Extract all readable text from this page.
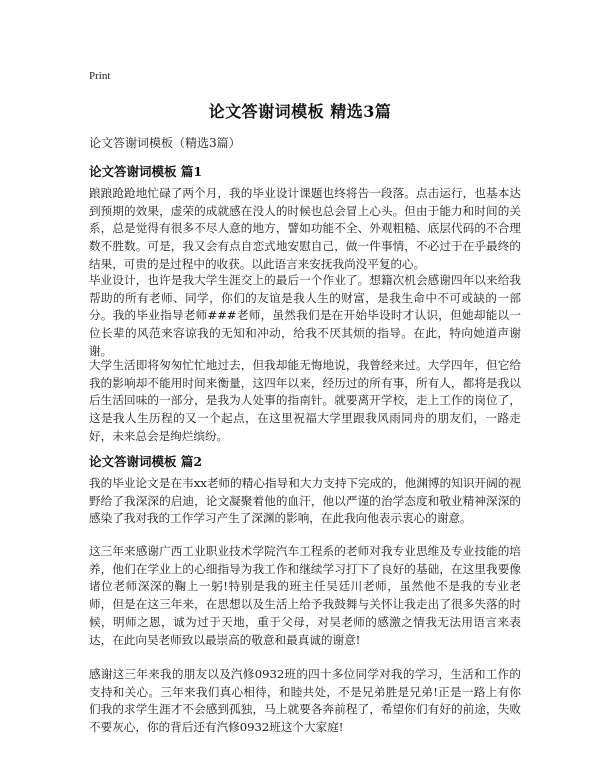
Print
论文答谢词模板 精选3篇
论文答谢词模板（精选3篇）
论文答谢词模板 篇1
踉踉跄跄地忙碌了两个月，我的毕业设计课题也终将告一段落。点击运行，也基本达到预期的效果，虚荣的成就感在没人的时候也总会冒上心头。但由于能力和时间的关系，总是觉得有很多不尽人意的地方，譬如功能不全、外观粗糙、底层代码的不合理数不胜数。可是，我又会有点自恋式地安慰自己，做一件事情，不必过于在乎最终的结果，可贵的是过程中的收获。以此语言来安抚我尚没平复的心。
毕业设计，也许是我大学生涯交上的最后一个作业了。想籍次机会感谢四年以来给我帮助的所有老师、同学，你们的友谊是我人生的财富，是我生命中不可或缺的一部分。我的毕业指导老师###老师，虽然我们是在开始毕设时才认识，但她却能以一位长辈的风范来容谅我的无知和冲动，给我不厌其烦的指导。在此，特向她道声谢谢。
大学生活即将匆匆忙忙地过去，但我却能无悔地说，我曾经来过。大学四年，但它给我的影响却不能用时间来衡量，这四年以来，经历过的所有事，所有人，都将是我以后生活回味的一部分，是我为人处事的指南针。就要离开学校，走上工作的岗位了，这是我人生历程的又一个起点，在这里祝福大学里跟我风雨同舟的朋友们，一路走好，未来总会是绚烂缤纷。
论文答谢词模板 篇2
我的毕业论文是在韦xx老师的精心指导和大力支持下完成的，他渊博的知识开阔的视野给了我深深的启迪，论文凝聚着他的血汗，他以严谨的治学态度和敬业精神深深的感染了我对我的工作学习产生了深渊的影响，在此我向他表示衷心的谢意。
这三年来感谢广西工业职业技术学院汽车工程系的老师对我专业思维及专业技能的培养，他们在学业上的心细指导为我工作和继续学习打下了良好的基础，在这里我要像诸位老师深深的鞠上一躬!特别是我的班主任吴廷川老师，虽然他不是我的专业老师，但是在这三年来，在思想以及生活上给予我鼓舞与关怀让我走出了很多失落的时候，明师之恩，诚为过于天地，重于父母，对吴老师的感激之情我无法用语言来表达，在此向吴老师致以最崇高的敬意和最真诚的谢意!
感谢这三年来我的朋友以及汽修0932班的四十多位同学对我的学习，生活和工作的支持和关心。三年来我们真心相待，和睦共处，不是兄弟胜是兄弟!正是一路上有你们我的求学生涯才不会感到孤独，马上就要各奔前程了，希望你们有好的前途，失败不要灰心，你的背后还有汽修0932班这个大家庭!
